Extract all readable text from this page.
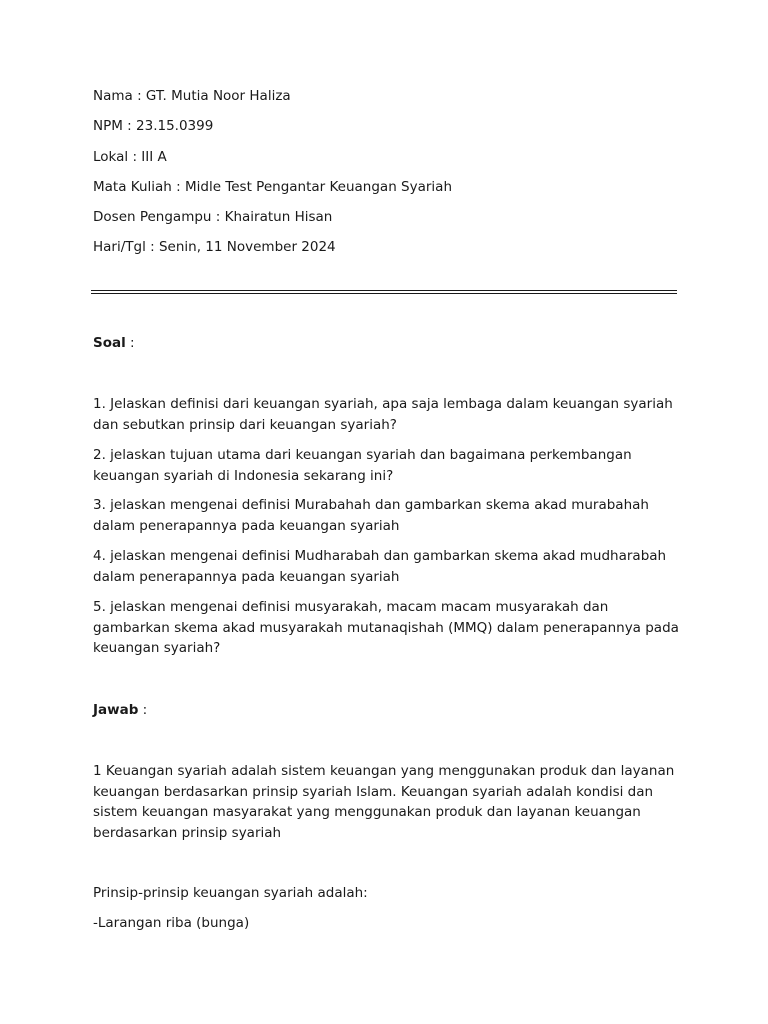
Nama : GT. Mutia Noor Haliza

NPM : 23.15.0399

Lokal : III A

Mata Kuliah : Midle Test Pengantar Keuangan Syariah

Dosen Pengampu : Khairatun Hisan

Hari/Tgl : Senin, 11 November 2024

Soal :

1. Jelaskan definisi dari keuangan syariah, apa saja lembaga dalam keuangan syariah dan sebutkan prinsip dari keuangan syariah?

2. jelaskan tujuan utama dari keuangan syariah dan bagaimana perkembangan keuangan syariah di Indonesia sekarang ini?

3. jelaskan mengenai definisi Murabahah dan gambarkan skema akad murabahah dalam penerapannya pada keuangan syariah

4. jelaskan mengenai definisi Mudharabah dan gambarkan skema akad mudharabah dalam penerapannya pada keuangan syariah

5. jelaskan mengenai definisi musyarakah, macam macam musyarakah dan gambarkan skema akad musyarakah mutanaqishah (MMQ) dalam penerapannya pada keuangan syariah?

Jawab :

1 Keuangan syariah adalah sistem keuangan yang menggunakan produk dan layanan keuangan berdasarkan prinsip syariah Islam. Keuangan syariah adalah kondisi dan sistem keuangan masyarakat yang menggunakan produk dan layanan keuangan berdasarkan prinsip syariah

Prinsip-prinsip keuangan syariah adalah:

-Larangan riba (bunga)
